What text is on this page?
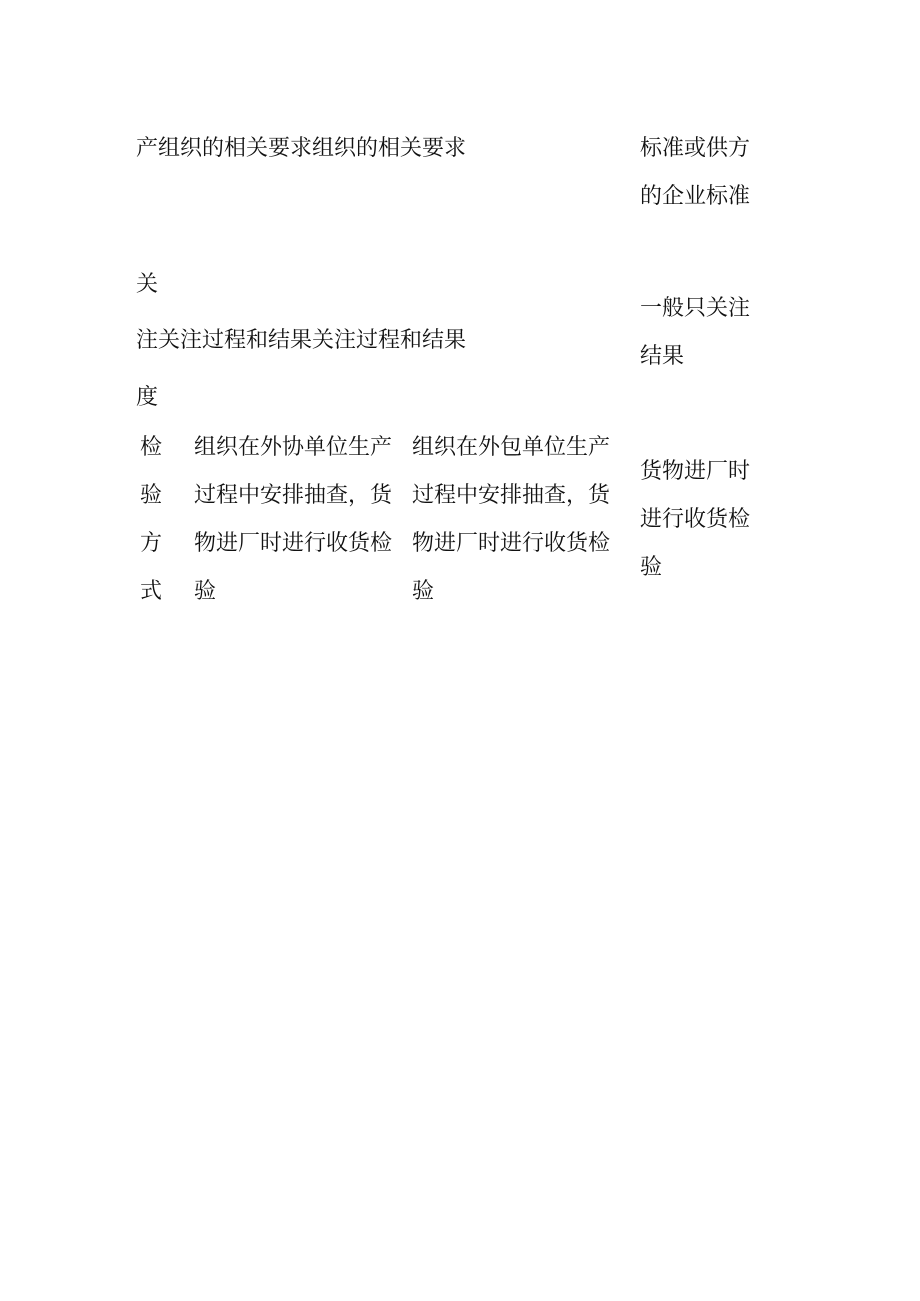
产组织的相关要求组织的相关要求	标准或供方

的企业标准

关

注关注过程和结果关注过程和结果

一般只关注

结果

度

检
验
方
式
组织在外协单位生产
过程中安排抽查，货
物进厂时进行收货检
验
组织在外包单位生产
过程中安排抽查，货
物进厂时进行收货检
验
货物进厂时
进行收货检
验
